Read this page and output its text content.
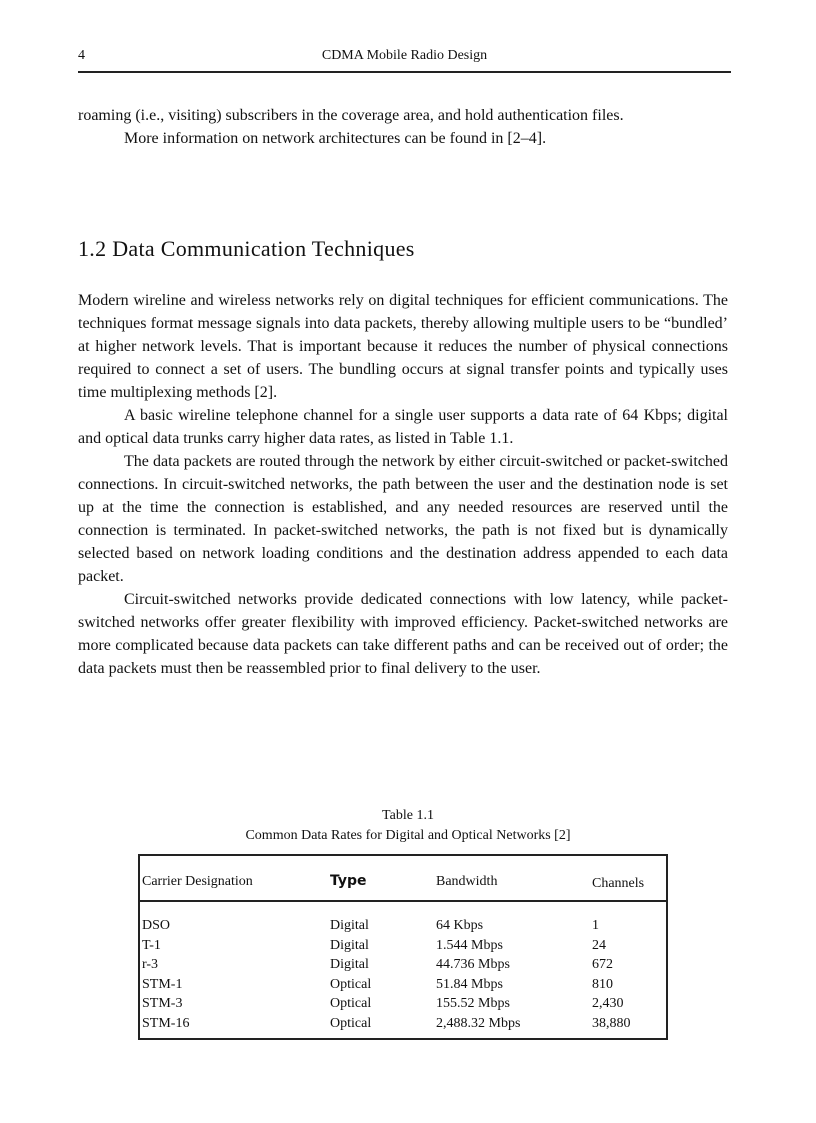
4	CDMA Mobile Radio Design

roaming (i.e., visiting) subscribers in the coverage area, and hold authentication files.

More information on network architectures can be found in [2–4].

1.2 Data Communication Techniques

Modern wireline and wireless networks rely on digital techniques for efficient communications. The techniques format message signals into data packets, thereby allowing multiple users to be “bundled’ at higher network levels. That is important because it reduces the number of physical connections required to connect a set of users. The bundling occurs at signal transfer points and typically uses time multiplexing methods [2].

A basic wireline telephone channel for a single user supports a data rate of 64 Kbps; digital and optical data trunks carry higher data rates, as listed in Table 1.1.

The data packets are routed through the network by either circuit-switched or packet-switched connections. In circuit-switched networks, the path between the user and the destination node is set up at the time the connection is established, and any needed resources are reserved until the connection is terminated. In packet-switched networks, the path is not fixed but is dynamically selected based on network loading conditions and the destination address appended to each data packet.

Circuit-switched networks provide dedicated connections with low latency, while packet-switched networks offer greater flexibility with improved efficiency. Packet-switched networks are more complicated because data packets can take different paths and can be received out of order; the data packets must then be reassembled prior to final delivery to the user.

Table 1.1
Common Data Rates for Digital and Optical Networks [2]
Carrier Designation	Type	Bandwidth	Channels
DSO	Digital	64 Kbps	1
T-1	Digital	1.544 Mbps	24
r-3	Digital	44.736 Mbps	672
STM-1	Optical	51.84 Mbps	810
STM-3	Optical	155.52 Mbps	2,430
STM-16	Optical	2,488.32 Mbps	38,880
